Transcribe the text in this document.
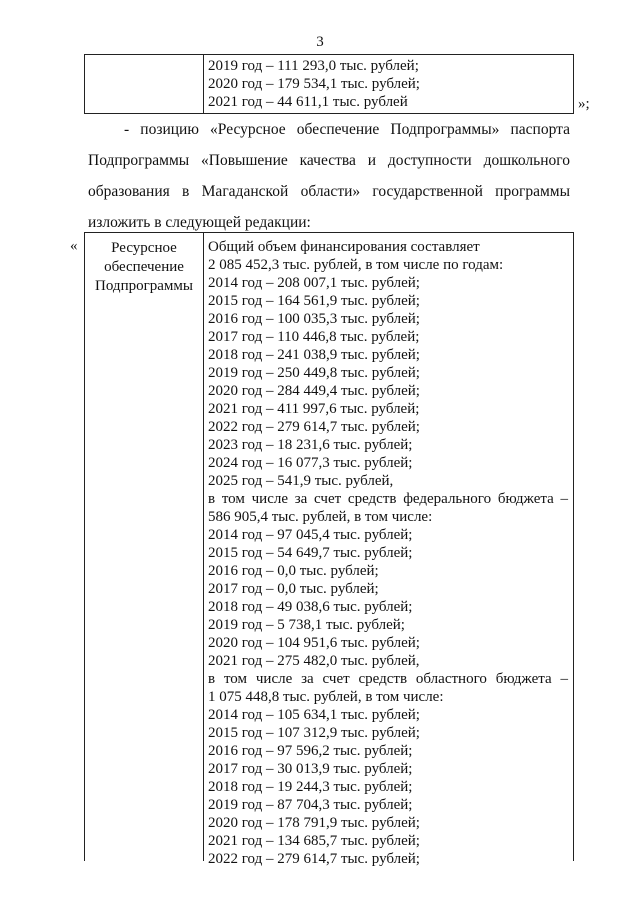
3
2019 год – 111 293,0 тыс. рублей;
2020 год – 179 534,1 тыс. рублей;
2021 год – 44 611,1 тыс. рублей	»;

- позицию «Ресурсное обеспечение Подпрограммы» паспорта

Подпрограммы «Повышение качества и доступности дошкольного

образования в Магаданской области» государственной программы

изложить в следующей редакции:

«	Ресурсное
обеспечение
Подпрограммы
Общий объем финансирования составляет
2 085 452,3 тыс. рублей, в том числе по годам:
2014 год – 208 007,1 тыс. рублей;
2015 год – 164 561,9 тыс. рублей;
2016 год – 100 035,3 тыс. рублей;
2017 год – 110 446,8 тыс. рублей;
2018 год – 241 038,9 тыс. рублей;
2019 год – 250 449,8 тыс. рублей;
2020 год – 284 449,4 тыс. рублей;
2021 год – 411 997,6 тыс. рублей;
2022 год – 279 614,7 тыс. рублей;
2023 год – 18 231,6 тыс. рублей;
2024 год – 16 077,3 тыс. рублей;
2025 год – 541,9 тыс. рублей,
в том числе за счет средств федерального бюджета –
586 905,4 тыс. рублей, в том числе:
2014 год – 97 045,4 тыс. рублей;
2015 год – 54 649,7 тыс. рублей;
2016 год – 0,0 тыс. рублей;
2017 год – 0,0 тыс. рублей;
2018 год – 49 038,6 тыс. рублей;
2019 год – 5 738,1 тыс. рублей;
2020 год – 104 951,6 тыс. рублей;
2021 год – 275 482,0 тыс. рублей,
в том числе за счет средств областного бюджета –
1 075 448,8 тыс. рублей, в том числе:
2014 год – 105 634,1 тыс. рублей;
2015 год – 107 312,9 тыс. рублей;
2016 год – 97 596,2 тыс. рублей;
2017 год – 30 013,9 тыс. рублей;
2018 год – 19 244,3 тыс. рублей;
2019 год – 87 704,3 тыс. рублей;
2020 год – 178 791,9 тыс. рублей;
2021 год – 134 685,7 тыс. рублей;
2022 год – 279 614,7 тыс. рублей;
